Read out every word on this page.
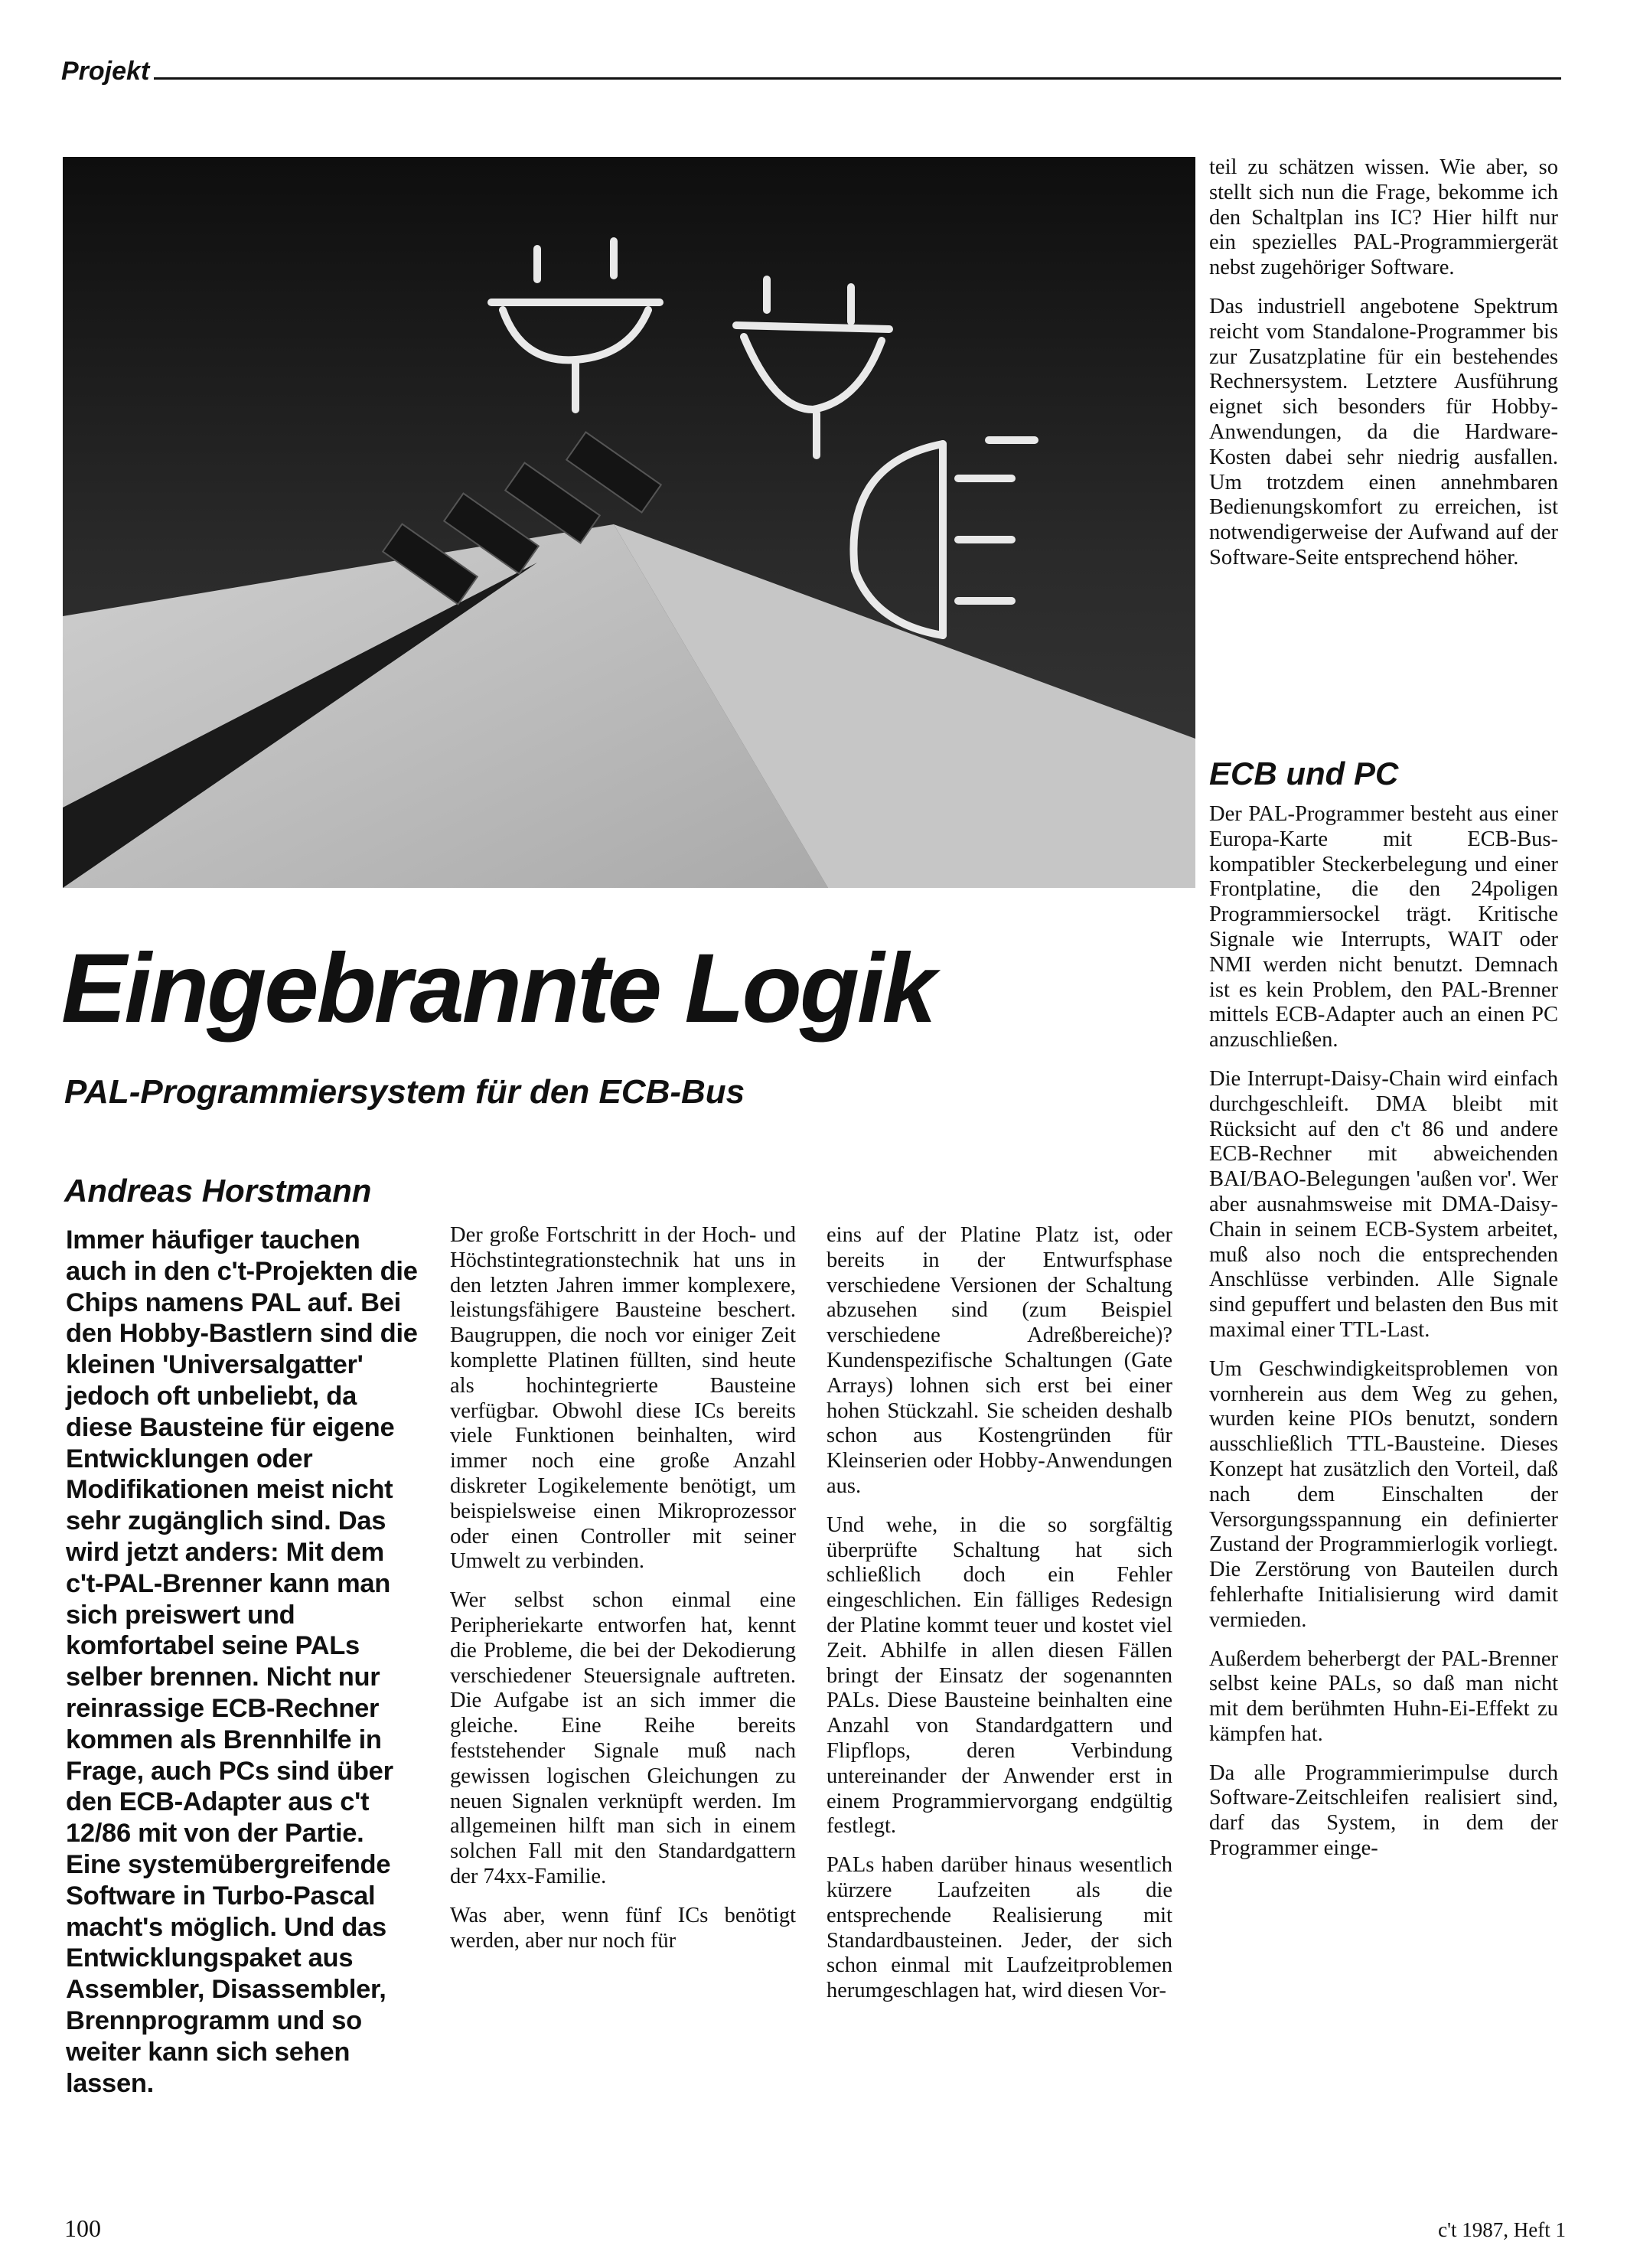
Projekt
Eingebrannte Logik
PAL-Programmiersystem für den ECB-Bus
Andreas Horstmann
Immer häufiger tauchen auch in den c't-Projekten die Chips namens PAL auf. Bei den Hobby-Bastlern sind die kleinen 'Universalgatter' jedoch oft unbeliebt, da diese Bausteine für eigene Entwicklungen oder Modifikationen meist nicht sehr zugänglich sind. Das wird jetzt anders: Mit dem c't-PAL-Brenner kann man sich preiswert und komfortabel seine PALs selber brennen. Nicht nur reinrassige ECB-Rechner kommen als Brennhilfe in Frage, auch PCs sind über den ECB-Adapter aus c't 12/86 mit von der Partie. Eine systemübergreifende Software in Turbo-Pascal macht's möglich. Und das Entwicklungspaket aus Assembler, Disassembler, Brennprogramm und so weiter kann sich sehen lassen.

Der große Fortschritt in der Hoch- und Höchstintegrationstechnik hat uns in den letzten Jahren immer komplexere, leistungsfähigere Bausteine beschert. Baugruppen, die noch vor einiger Zeit komplette Platinen füllten, sind heute als hochintegrierte Bausteine verfügbar. Obwohl diese ICs bereits viele Funktionen beinhalten, wird immer noch eine große Anzahl diskreter Logikelemente benötigt, um beispielsweise einen Mikroprozessor oder einen Controller mit seiner Umwelt zu verbinden.

Wer selbst schon einmal eine Peripheriekarte entworfen hat, kennt die Probleme, die bei der Dekodierung verschiedener Steuersignale auftreten. Die Aufgabe ist an sich immer die gleiche. Eine Reihe bereits feststehender Signale muß nach gewissen logischen Gleichungen zu neuen Signalen verknüpft werden. Im allgemeinen hilft man sich in einem solchen Fall mit den Standardgattern der 74xx-Familie.

Was aber, wenn fünf ICs benötigt werden, aber nur noch für

eins auf der Platine Platz ist, oder bereits in der Entwurfsphase verschiedene Versionen der Schaltung abzusehen sind (zum Beispiel verschiedene Adreßbereiche)? Kundenspezifische Schaltungen (Gate Arrays) lohnen sich erst bei einer hohen Stückzahl. Sie scheiden deshalb schon aus Kostengründen für Kleinserien oder Hobby-Anwendungen aus.

Und wehe, in die so sorgfältig überprüfte Schaltung hat sich schließlich doch ein Fehler eingeschlichen. Ein fälliges Redesign der Platine kommt teuer und kostet viel Zeit. Abhilfe in allen diesen Fällen bringt der Einsatz der sogenannten PALs. Diese Bausteine beinhalten eine Anzahl von Standardgattern und Flipflops, deren Verbindung untereinander der Anwender erst in einem Programmiervorgang endgültig festlegt.

PALs haben darüber hinaus wesentlich kürzere Laufzeiten als die entsprechende Realisierung mit Standardbausteinen. Jeder, der sich schon einmal mit Laufzeitproblemen herumgeschlagen hat, wird diesen Vor-

teil zu schätzen wissen. Wie aber, so stellt sich nun die Frage, bekomme ich den Schaltplan ins IC? Hier hilft nur ein spezielles PAL-Programmiergerät nebst zugehöriger Software.

Das industriell angebotene Spektrum reicht vom Standalone-Programmer bis zur Zusatzplatine für ein bestehendes Rechnersystem. Letztere Ausführung eignet sich besonders für Hobby-Anwendungen, da die Hardware-Kosten dabei sehr niedrig ausfallen. Um trotzdem einen annehmbaren Bedienungskomfort zu erreichen, ist notwendigerweise der Aufwand auf der Software-Seite entsprechend höher.

ECB und PC

Der PAL-Programmer besteht aus einer Europa-Karte mit ECB-Bus-kompatibler Steckerbelegung und einer Frontplatine, die den 24poligen Programmiersockel trägt. Kritische Signale wie Interrupts, WAIT oder NMI werden nicht benutzt. Demnach ist es kein Problem, den PAL-Brenner mittels ECB-Adapter auch an einen PC anzuschließen.

Die Interrupt-Daisy-Chain wird einfach durchgeschleift. DMA bleibt mit Rücksicht auf den c't 86 und andere ECB-Rechner mit abweichenden BAI/BAO-Belegungen 'außen vor'. Wer aber ausnahmsweise mit DMA-Daisy-Chain in seinem ECB-System arbeitet, muß also noch die entsprechenden Anschlüsse verbinden. Alle Signale sind gepuffert und belasten den Bus mit maximal einer TTL-Last.

Um Geschwindigkeitsproblemen von vornherein aus dem Weg zu gehen, wurden keine PIOs benutzt, sondern ausschließlich TTL-Bausteine. Dieses Konzept hat zusätzlich den Vorteil, daß nach dem Einschalten der Versorgungsspannung ein definierter Zustand der Programmierlogik vorliegt. Die Zerstörung von Bauteilen durch fehlerhafte Initialisierung wird damit vermieden.

Außerdem beherbergt der PAL-Brenner selbst keine PALs, so daß man nicht mit dem berühmten Huhn-Ei-Effekt zu kämpfen hat.

Da alle Programmierimpulse durch Software-Zeitschleifen realisiert sind, darf das System, in dem der Programmer einge-

100	c't 1987, Heft 1
